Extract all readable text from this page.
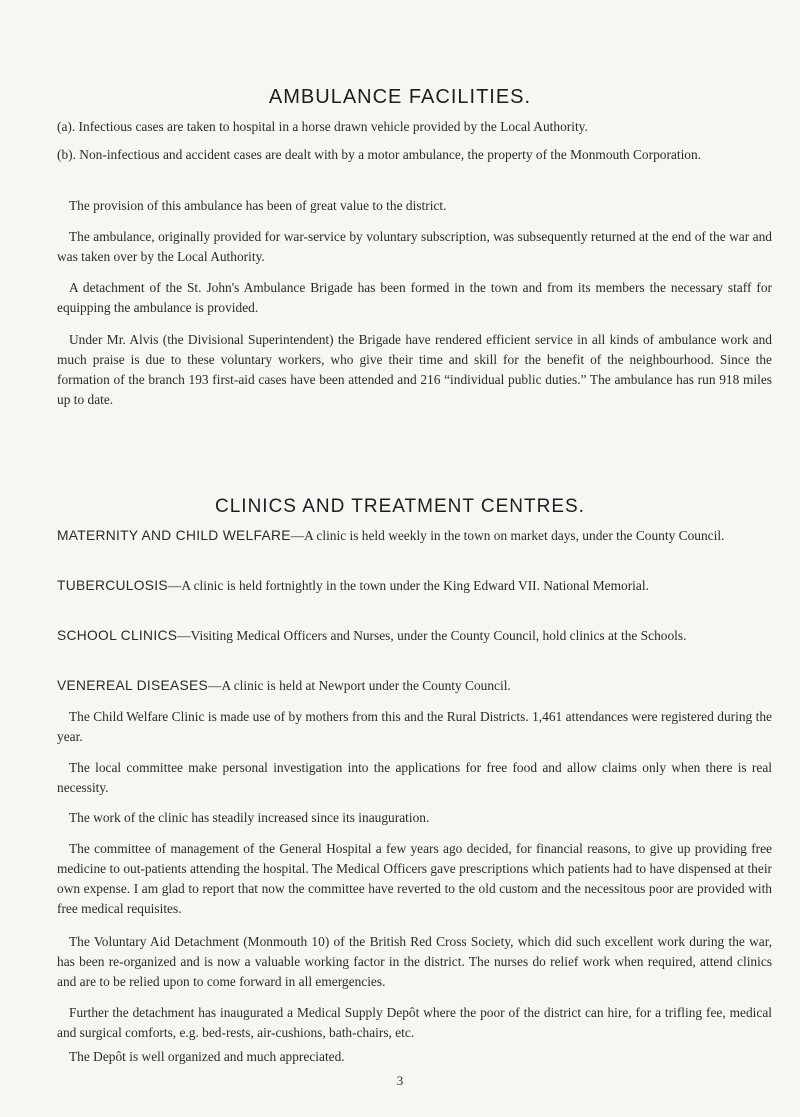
AMBULANCE FACILITIES.

(a). Infectious cases are taken to hospital in a horse drawn vehicle provided by the Local Authority.

(b). Non-infectious and accident cases are dealt with by a motor ambulance, the property of the Monmouth Corporation.

The provision of this ambulance has been of great value to the district.

The ambulance, originally provided for war-service by voluntary subscription, was subsequently returned at the end of the war and was taken over by the Local Authority.

A detachment of the St. John's Ambulance Brigade has been formed in the town and from its members the necessary staff for equipping the ambulance is provided.

Under Mr. Alvis (the Divisional Superintendent) the Brigade have rendered efficient service in all kinds of ambulance work and much praise is due to these voluntary workers, who give their time and skill for the benefit of the neighbourhood. Since the formation of the branch 193 first-aid cases have been attended and 216 “individual public duties.” The ambulance has run 918 miles up to date.

CLINICS AND TREATMENT CENTRES.

MATERNITY AND CHILD WELFARE—A clinic is held weekly in the town on market days, under the County Council.

TUBERCULOSIS—A clinic is held fortnightly in the town under the King Edward VII. National Memorial.

SCHOOL CLINICS—Visiting Medical Officers and Nurses, under the County Council, hold clinics at the Schools.

VENEREAL DISEASES—A clinic is held at Newport under the County Council.

The Child Welfare Clinic is made use of by mothers from this and the Rural Districts. 1,461 attendances were registered during the year.

The local committee make personal investigation into the applications for free food and allow claims only when there is real necessity.

The work of the clinic has steadily increased since its inauguration.

The committee of management of the General Hospital a few years ago decided, for financial reasons, to give up providing free medicine to out-patients attending the hospital. The Medical Officers gave prescriptions which patients had to have dispensed at their own expense. I am glad to report that now the committee have reverted to the old custom and the necessitous poor are provided with free medical requisites.

The Voluntary Aid Detachment (Monmouth 10) of the British Red Cross Society, which did such excellent work during the war, has been re-organized and is now a valuable working factor in the district. The nurses do relief work when required, attend clinics and are to be relied upon to come forward in all emergencies.

Further the detachment has inaugurated a Medical Supply Depôt where the poor of the district can hire, for a trifling fee, medical and surgical comforts, e.g. bed-rests, air-cushions, bath-chairs, etc.

3

The Depôt is well organized and much appreciated.
